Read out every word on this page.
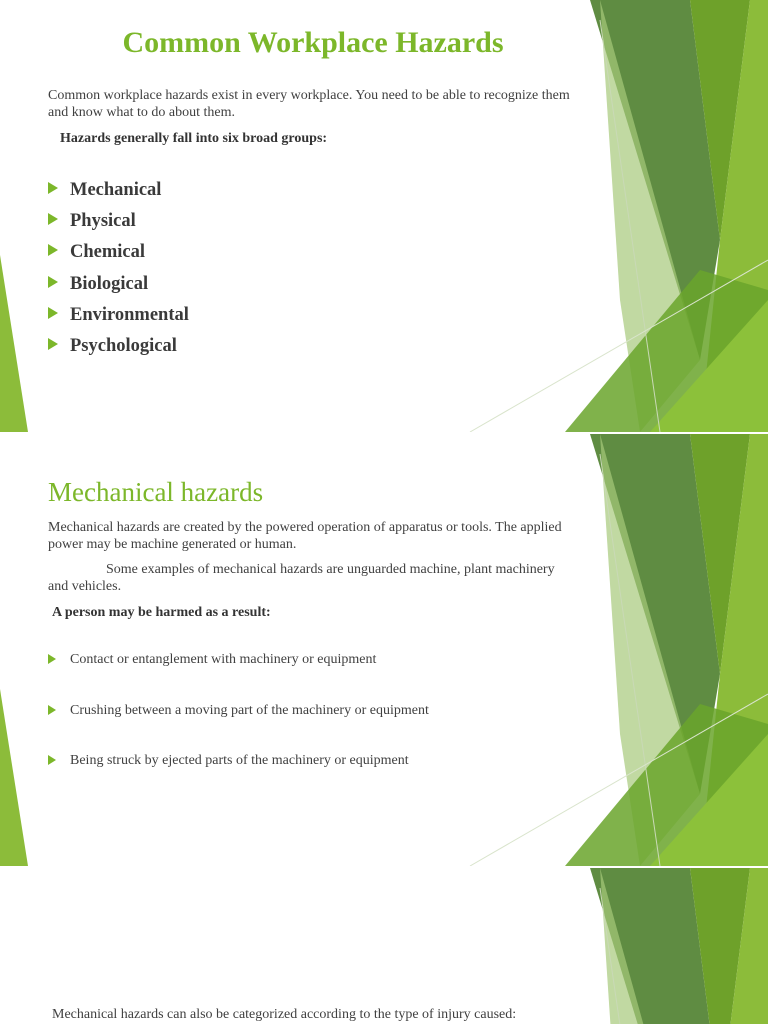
Common Workplace Hazards

Common workplace hazards exist in every workplace. You need to be able to recognize them and know what to do about them.

Hazards generally fall into six broad groups:

Mechanical
Physical
Chemical
Biological
Environmental
Psychological
Mechanical hazards

Mechanical hazards are created by the powered operation of apparatus or tools. The applied power may be machine generated or human.

Some examples of mechanical hazards are unguarded machine, plant machinery and vehicles.

A person may be harmed as a result:

Contact or entanglement with machinery or equipment
Crushing between a moving part of the machinery or equipment
Being struck by ejected parts of the machinery or equipment

Mechanical hazards can also be categorized according to the type of injury caused:
